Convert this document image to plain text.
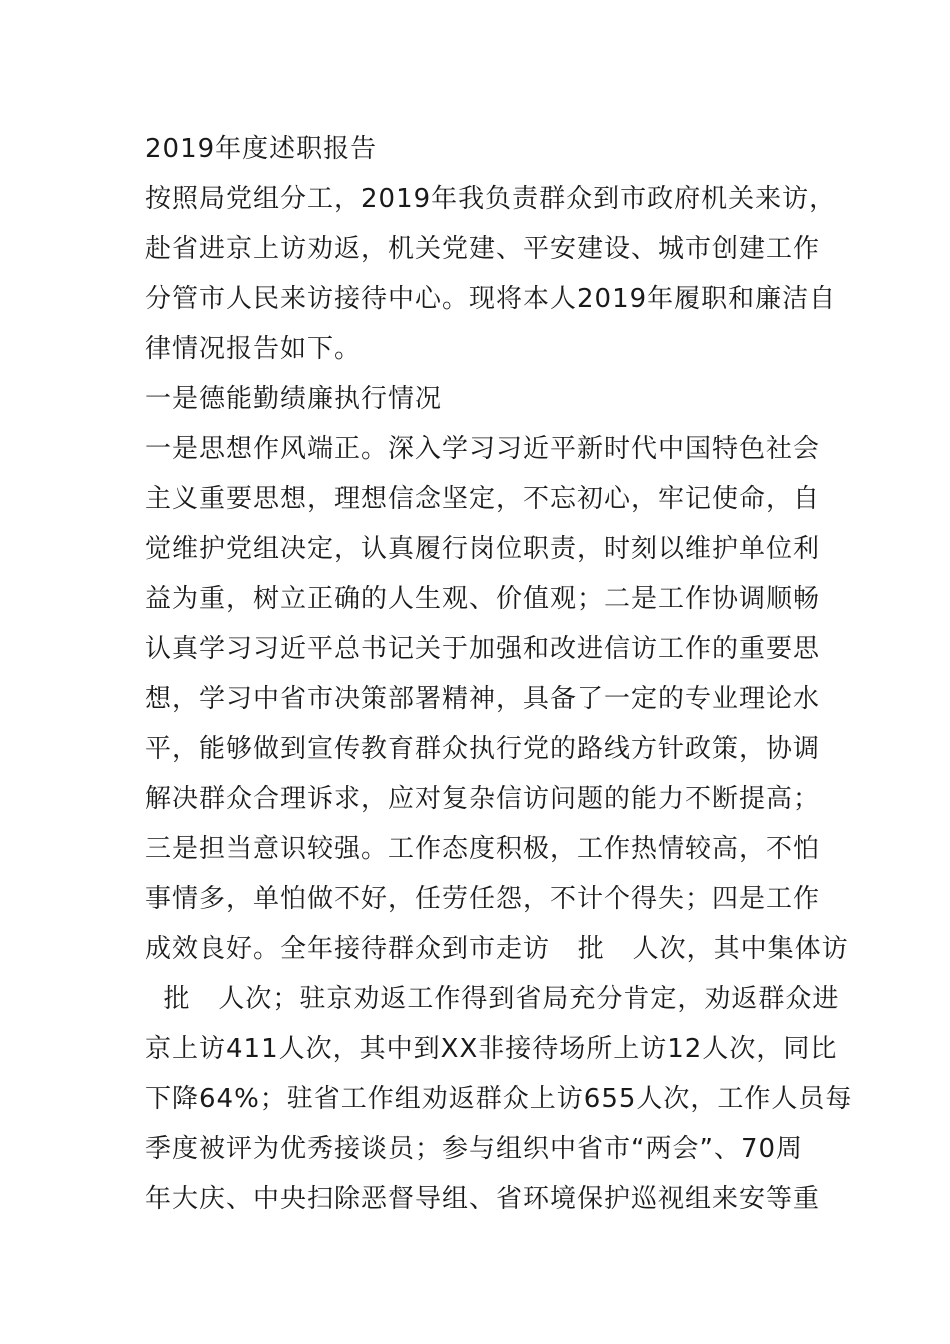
2019年度述职报告
按照局党组分工，2019年我负责群众到市政府机关来访，
赴省进京上访劝返，机关党建、平安建设、城市创建工作
分管市人民来访接待中心。现将本人2019年履职和廉洁自
律情况报告如下。
一是德能勤绩廉执行情况
一是思想作风端正。深入学习习近平新时代中国特色社会
主义重要思想，理想信念坚定，不忘初心，牢记使命，自
觉维护党组决定，认真履行岗位职责，时刻以维护单位利
益为重，树立正确的人生观、价值观；二是工作协调顺畅
认真学习习近平总书记关于加强和改进信访工作的重要思
想，学习中省市决策部署精神，具备了一定的专业理论水
平，能够做到宣传教育群众执行党的路线方针政策，协调
解决群众合理诉求，应对复杂信访问题的能力不断提高；
三是担当意识较强。工作态度积极，工作热情较高，不怕
事情多，单怕做不好，任劳任怨，不计个得失；四是工作
成效良好。全年接待群众到市走访   批   人次，其中集体访
批   人次；驻京劝返工作得到省局充分肯定，劝返群众进
京上访411人次，其中到XX非接待场所上访12人次，同比
下降64%；驻省工作组劝返群众上访655人次，工作人员每
季度被评为优秀接谈员；参与组织中省市“两会”、70周
年大庆、中央扫除恶督导组、省环境保护巡视组来安等重
